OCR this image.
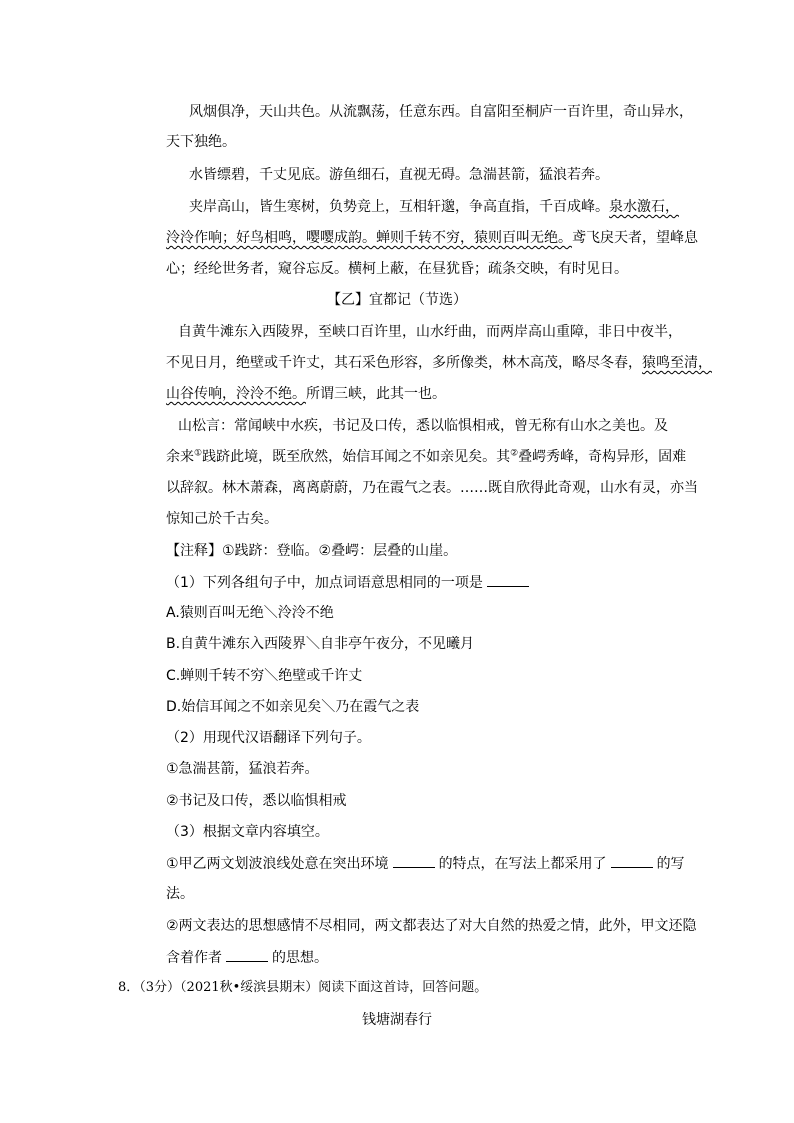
风烟俱净，天山共色。从流飘荡，任意东西。自富阳至桐庐一百许里，奇山异水，
天下独绝。
水皆缥碧，千丈见底。游鱼细石，直视无碍。急湍甚箭，猛浪若奔。
夹岸高山，皆生寒树，负势竞上，互相轩邈，争高直指，千百成峰。泉水激石，
泠泠作响；好鸟相鸣，嘤嘤成韵。蝉则千转不穷，猿则百叫无绝。鸢飞戾天者，望峰息
心；经纶世务者，窥谷忘反。横柯上蔽，在昼犹昏；疏条交映，有时见日。
【乙】宜都记（节选）
自黄牛滩东入西陵界，至峡口百许里，山水纡曲，而两岸高山重障，非日中夜半，
不见日月，绝壁或千许丈，其石采色形容，多所像类，林木高茂，略尽冬春，猿鸣至清，
山谷传响，泠泠不绝。所谓三峡，此其一也。
山松言：常闻峡中水疾，书记及口传，悉以临惧相戒，曾无称有山水之美也。及
余来①践跻此境，既至欣然，始信耳闻之不如亲见矣。其②叠崿秀峰，奇构异形，固难
以辞叙。林木萧森，离离蔚蔚，乃在霞气之表。……既自欣得此奇观，山水有灵，亦当
惊知己於千古矣。
【注释】①践跻：登临。②叠崿：层叠的山崖。
（1）下列各组句子中，加点词语意思相同的一项是
A.猿则百叫无绝＼泠泠不绝
B.自黄牛滩东入西陵界＼自非亭午夜分，不见曦月
C.蝉则千转不穷＼绝壁或千许丈
D.始信耳闻之不如亲见矣＼乃在霞气之表
（2）用现代汉语翻译下列句子。
①急湍甚箭，猛浪若奔。
②书记及口传，悉以临惧相戒
（3）根据文章内容填空。
①甲乙两文划波浪线处意在突出环境	的特点，在写法上都采用了	的写
法。
②两文表达的思想感情不尽相同，两文都表达了对大自然的热爱之情，此外，甲文还隐
含着作者	的思想。
8．（3分）（2021秋•绥滨县期末）阅读下面这首诗，回答问题。
钱塘湖春行
